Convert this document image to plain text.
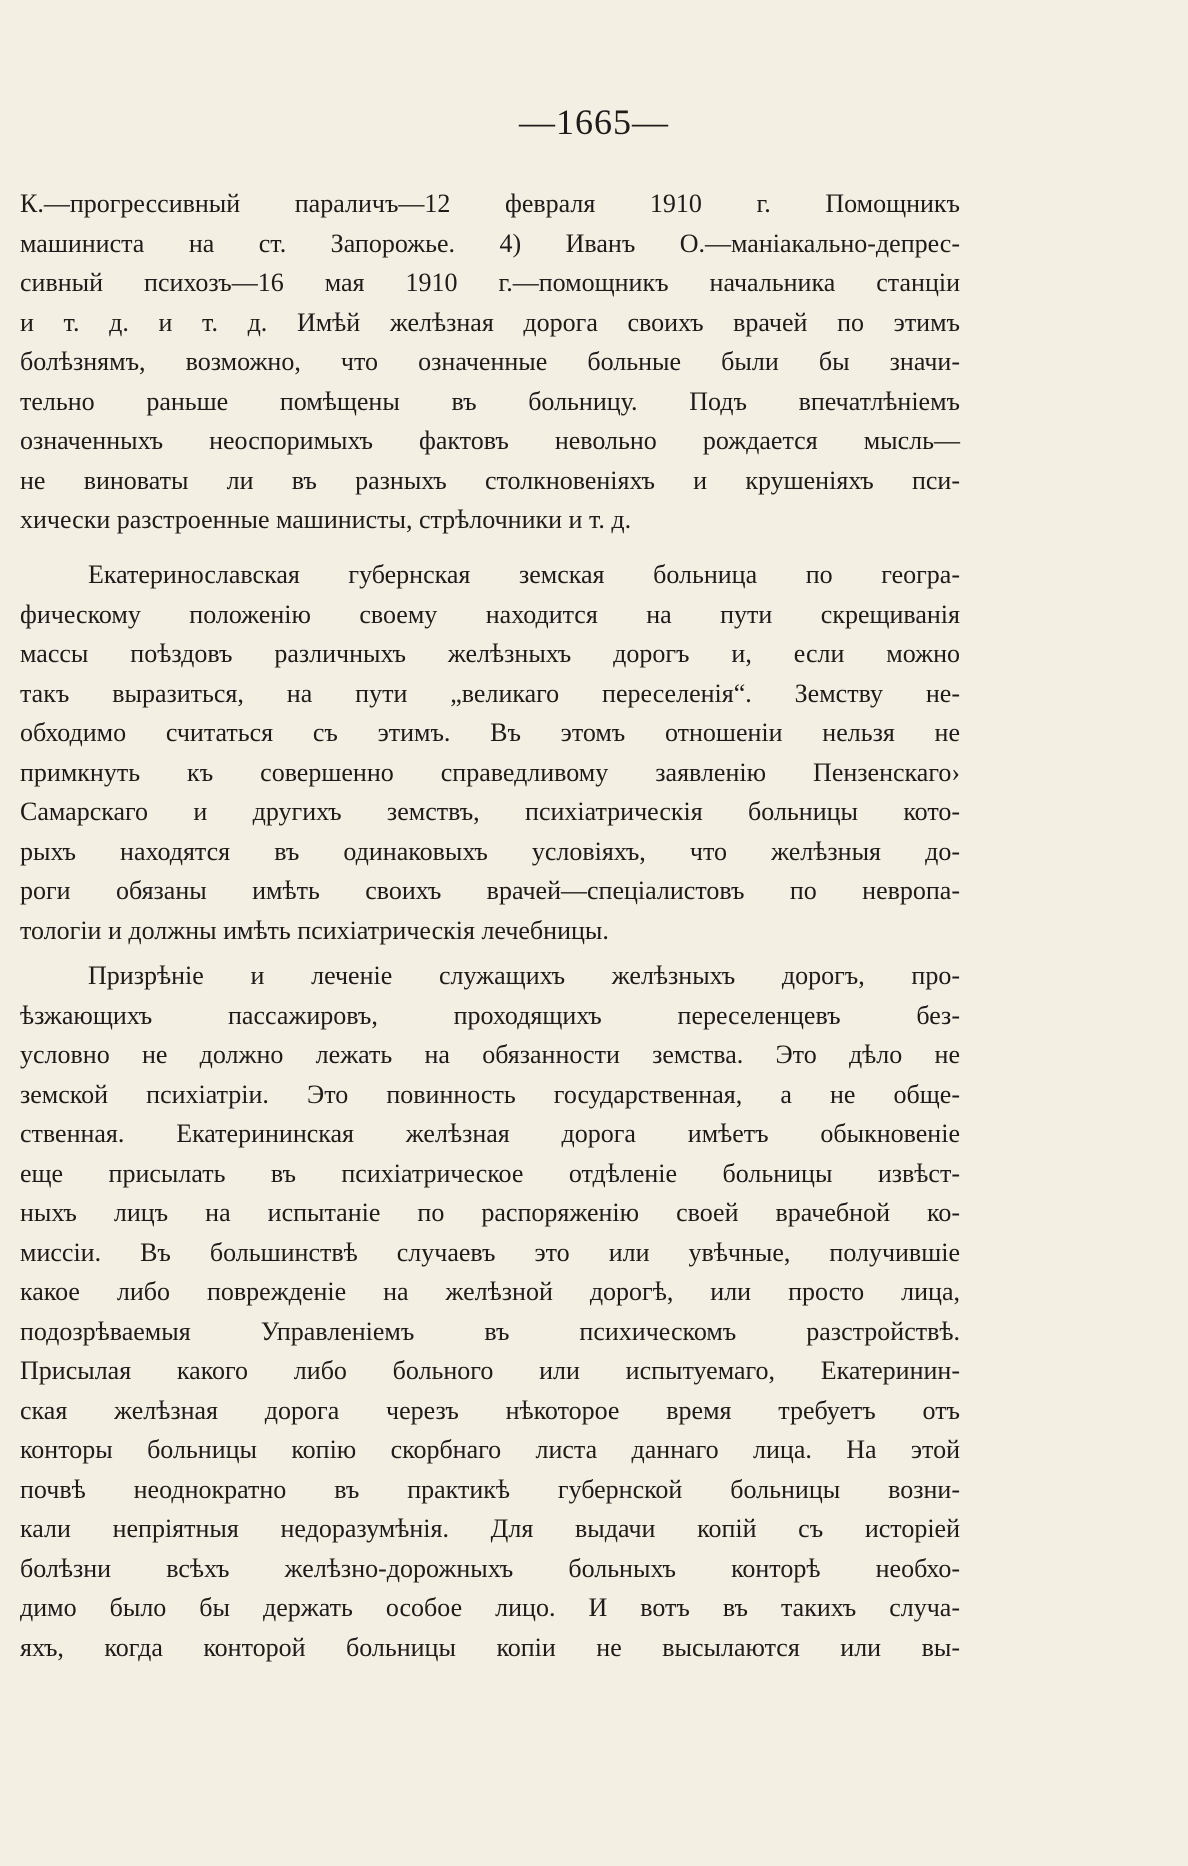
—1665—
К.—прогрессивный параличъ—12 февраля 1910 г. Помощникъ
машиниста на ст. Запорожье. 4) Иванъ О.—маніакально-депрес-
сивный психозъ—16 мая 1910 г.—помощникъ начальника станціи
и т. д. и т. д. Имѣй желѣзная дорога своихъ врачей по этимъ
болѣзнямъ, возможно, что означенные больные были бы значи-
тельно раньше помѣщены въ больницу. Подъ впечатлѣніемъ
означенныхъ неоспоримыхъ фактовъ невольно рождается мысль—
не виноваты ли въ разныхъ столкновеніяхъ и крушеніяхъ пси-
хически разстроенные машинисты, стрѣлочники и т. д.
Екатеринославская губернская земская больница по геогра-
фическому положенію своему находится на пути скрещиванія
массы поѣздовъ различныхъ желѣзныхъ дорогъ и, если можно
такъ выразиться, на пути „великаго переселенія“. Земству не-
обходимо считаться съ этимъ. Въ этомъ отношеніи нельзя не
примкнуть къ совершенно справедливому заявленію Пензенскаго›
Самарскаго и другихъ земствъ, психіатрическія больницы кото-
рыхъ находятся въ одинаковыхъ условіяхъ, что желѣзныя до-
роги обязаны имѣть своихъ врачей—спеціалистовъ по невропа-
тологіи и должны имѣть психіатрическія лечебницы.
Призрѣніе и леченіе служащихъ желѣзныхъ дорогъ, про-
ѣзжающихъ пассажировъ, проходящихъ переселенцевъ без-
условно не должно лежать на обязанности земства. Это дѣло не
земской психіатріи. Это повинность государственная, а не обще-
ственная. Екатерининская желѣзная дорога имѣетъ обыкновеніе
еще присылать въ психіатрическое отдѣленіе больницы извѣст-
ныхъ лицъ на испытаніе по распоряженію своей врачебной ко-
миссіи. Въ большинствѣ случаевъ это или увѣчные, получившіе
какое либо поврежденіе на желѣзной дорогѣ, или просто лица,
подозрѣваемыя Управленіемъ въ психическомъ разстройствѣ.
Присылая какого либо больного или испытуемаго, Екатеринин-
ская желѣзная дорога черезъ нѣкоторое время требуетъ отъ
конторы больницы копію скорбнаго листа даннаго лица. На этой
почвѣ неоднократно въ практикѣ губернской больницы возни-
кали непріятныя недоразумѣнія. Для выдачи копій съ исторіей
болѣзни всѣхъ желѣзно-дорожныхъ больныхъ конторѣ необхо-
димо было бы держать особое лицо. И вотъ въ такихъ случа-
яхъ, когда конторой больницы копіи не высылаются или вы-
